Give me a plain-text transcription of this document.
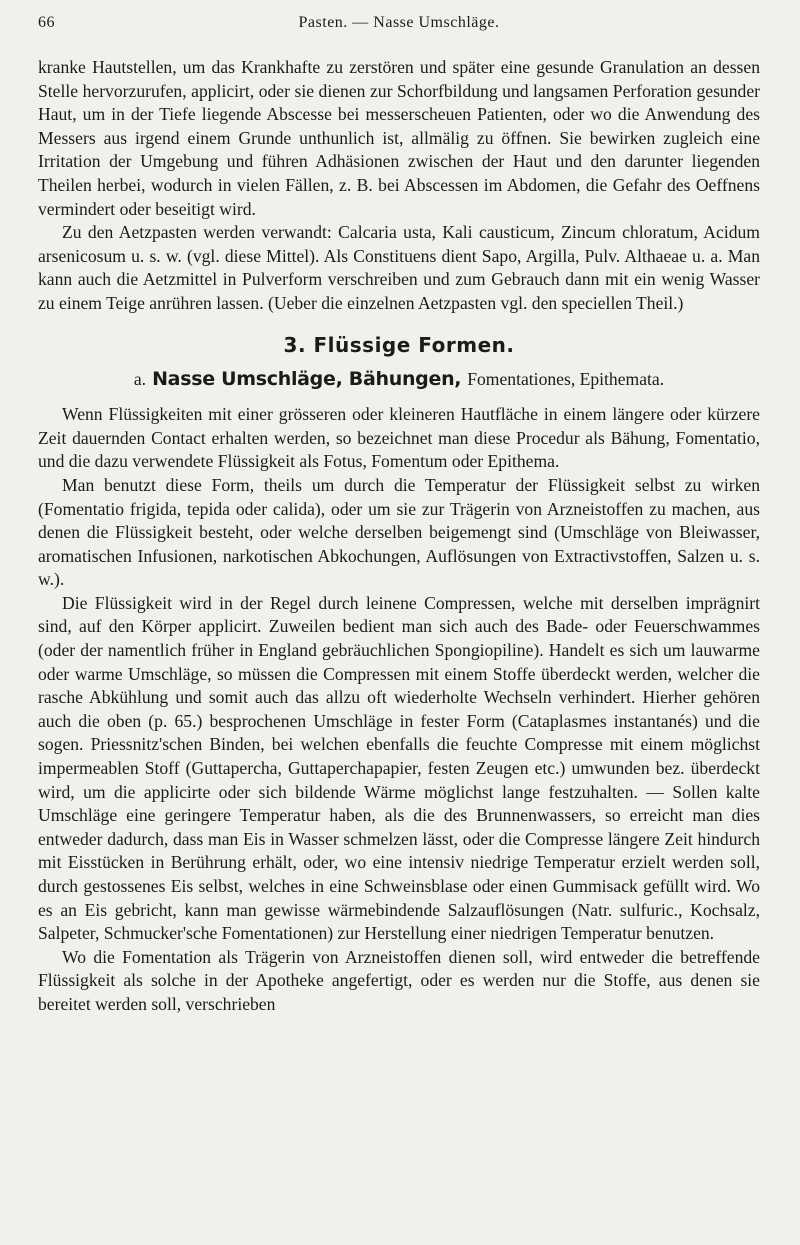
66	Pasten. — Nasse Umschläge.

kranke Hautstellen, um das Krankhafte zu zerstören und später eine gesunde Granulation an dessen Stelle hervorzurufen, applicirt, oder sie dienen zur Schorfbildung und langsamen Perforation gesunder Haut, um in der Tiefe liegende Abscesse bei messerscheuen Patienten, oder wo die Anwendung des Messers aus irgend einem Grunde unthunlich ist, allmälig zu öffnen. Sie bewirken zugleich eine Irritation der Umgebung und führen Adhäsionen zwischen der Haut und den darunter liegenden Theilen herbei, wodurch in vielen Fällen, z. B. bei Abscessen im Abdomen, die Gefahr des Oeffnens vermindert oder beseitigt wird.

Zu den Aetzpasten werden verwandt: Calcaria usta, Kali causticum, Zincum chloratum, Acidum arsenicosum u. s. w. (vgl. diese Mittel). Als Constituens dient Sapo, Argilla, Pulv. Althaeae u. a. Man kann auch die Aetzmittel in Pulverform verschreiben und zum Gebrauch dann mit ein wenig Wasser zu einem Teige anrühren lassen. (Ueber die einzelnen Aetzpasten vgl. den speciellen Theil.)

3. Flüssige Formen.
a. Nasse Umschläge, Bähungen, Fomentationes, Epithemata.

Wenn Flüssigkeiten mit einer grösseren oder kleineren Hautfläche in einem längere oder kürzere Zeit dauernden Contact erhalten werden, so bezeichnet man diese Procedur als Bähung, Fomentatio, und die dazu verwendete Flüssigkeit als Fotus, Fomentum oder Epithema.

Man benutzt diese Form, theils um durch die Temperatur der Flüssigkeit selbst zu wirken (Fomentatio frigida, tepida oder calida), oder um sie zur Trägerin von Arzneistoffen zu machen, aus denen die Flüssigkeit besteht, oder welche derselben beigemengt sind (Umschläge von Bleiwasser, aromatischen Infusionen, narkotischen Abkochungen, Auflösungen von Extractivstoffen, Salzen u. s. w.).

Die Flüssigkeit wird in der Regel durch leinene Compressen, welche mit derselben imprägnirt sind, auf den Körper applicirt. Zuweilen bedient man sich auch des Bade- oder Feuerschwammes (oder der namentlich früher in England gebräuchlichen Spongiopiline). Handelt es sich um lauwarme oder warme Umschläge, so müssen die Compressen mit einem Stoffe überdeckt werden, welcher die rasche Abkühlung und somit auch das allzu oft wiederholte Wechseln verhindert. Hierher gehören auch die oben (p. 65.) besprochenen Umschläge in fester Form (Cataplasmes instantanés) und die sogen. Priessnitz'schen Binden, bei welchen ebenfalls die feuchte Compresse mit einem möglichst impermeablen Stoff (Guttapercha, Guttaperchapapier, festen Zeugen etc.) umwunden bez. überdeckt wird, um die applicirte oder sich bildende Wärme möglichst lange festzuhalten. — Sollen kalte Umschläge eine geringere Temperatur haben, als die des Brunnenwassers, so erreicht man dies entweder dadurch, dass man Eis in Wasser schmelzen lässt, oder die Compresse längere Zeit hindurch mit Eisstücken in Berührung erhält, oder, wo eine intensiv niedrige Temperatur erzielt werden soll, durch gestossenes Eis selbst, welches in eine Schweinsblase oder einen Gummisack gefüllt wird. Wo es an Eis gebricht, kann man gewisse wärmebindende Salzauflösungen (Natr. sulfuric., Kochsalz, Salpeter, Schmucker'sche Fomentationen) zur Herstellung einer niedrigen Temperatur benutzen.

Wo die Fomentation als Trägerin von Arzneistoffen dienen soll, wird entweder die betreffende Flüssigkeit als solche in der Apotheke angefertigt, oder es werden nur die Stoffe, aus denen sie bereitet werden soll, verschrieben
